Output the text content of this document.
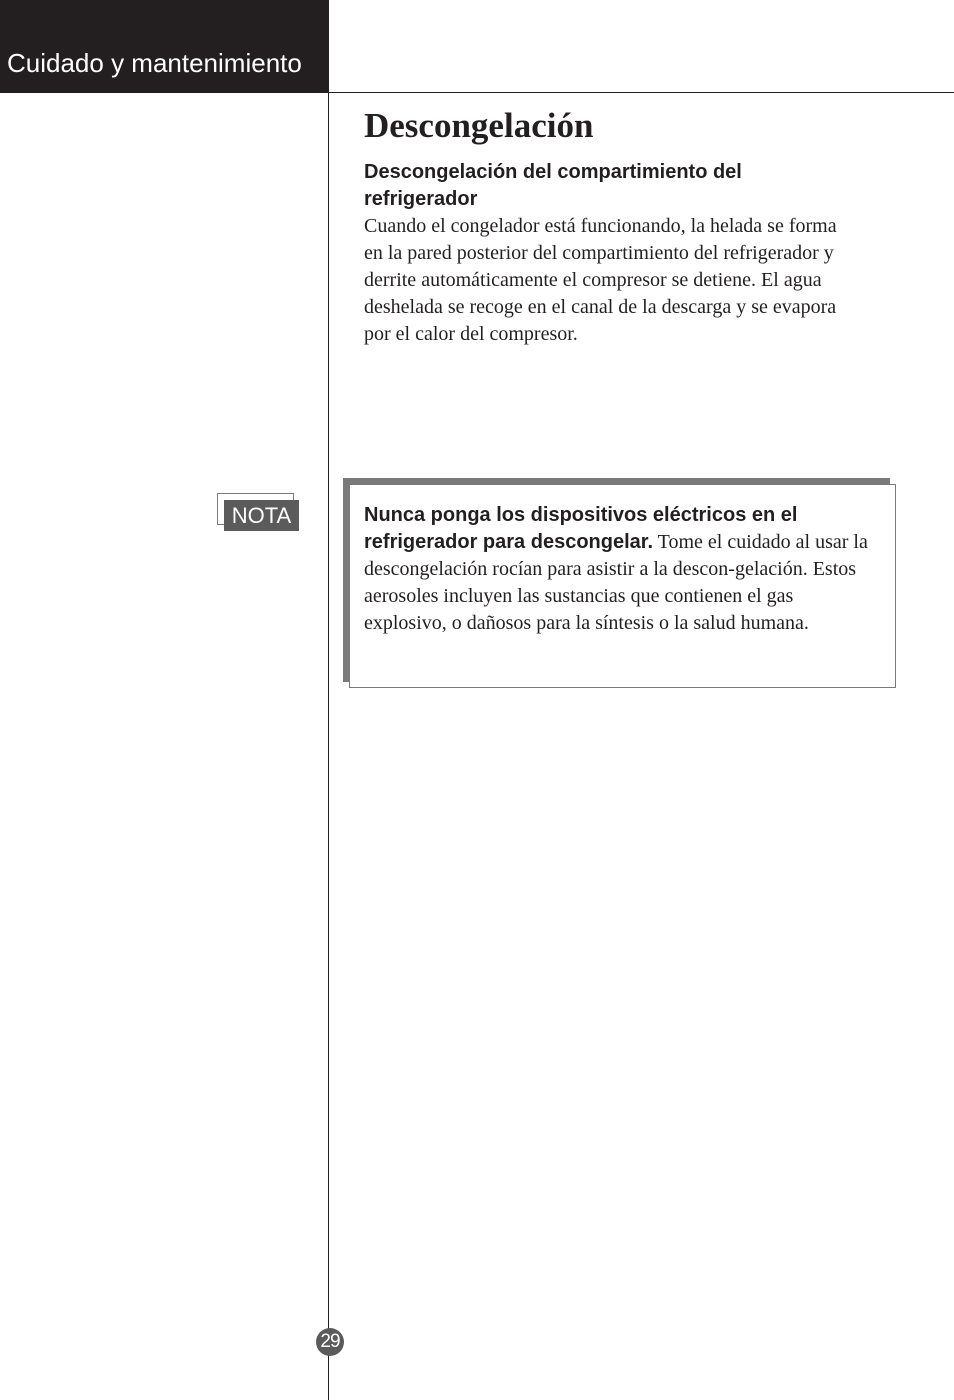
Cuidado y mantenimiento
Descongelación
Descongelación del compartimiento del refrigerador

Cuando el congelador está funcionando, la helada se forma en la pared posterior del compartimiento del refrigerador y derrite automáticamente el compresor se detiene. El agua deshelada se recoge en el canal de la descarga y se evapora por el calor del compresor.

NOTA	Nunca ponga los dispositivos eléctricos en el refrigerador para descongelar. Tome el cuidado al usar la descongelación rocían para asistir a la descon-gelación. Estos aerosoles incluyen las sustancias que contienen el gas explosivo, o dañosos para la síntesis o la salud humana.

29
